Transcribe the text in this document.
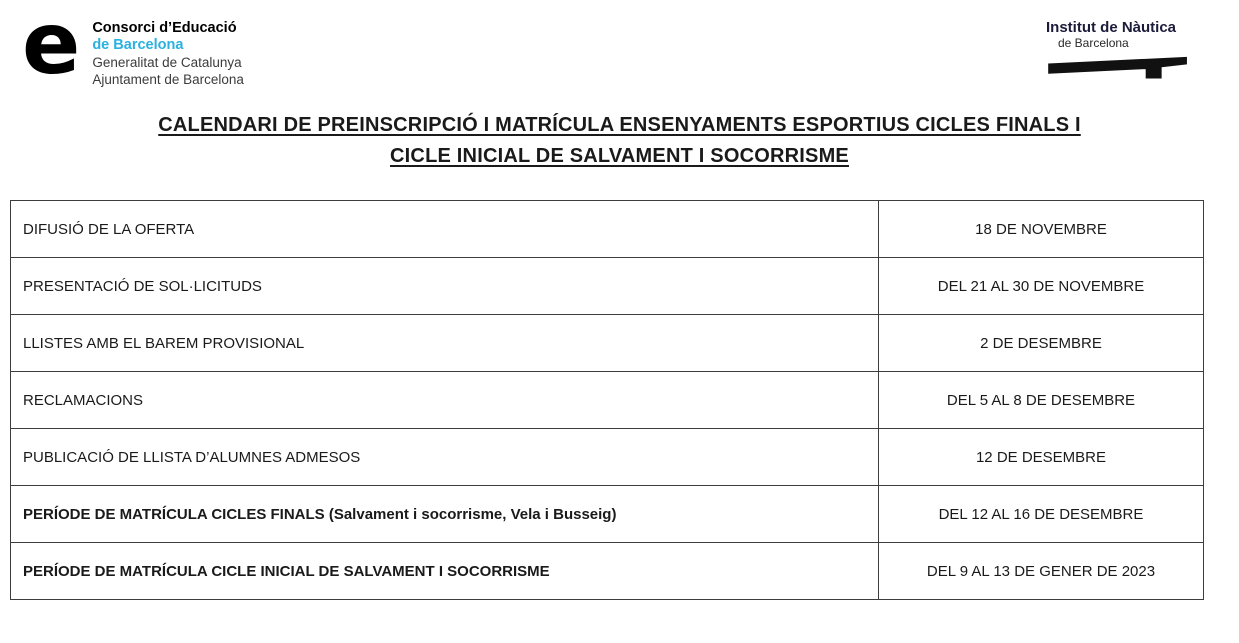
e Consorci d’Educació
de Barcelona
Generalitat de Catalunya
Ajuntament de Barcelona
Institut de Nàutica
de Barcelona
CALENDARI DE PREINSCRIPCIÓ I MATRÍCULA ENSENYAMENTS ESPORTIUS CICLES FINALS I
CICLE INICIAL DE SALVAMENT I SOCORRISME
DIFUSIÓ DE LA OFERTA	18 DE NOVEMBRE
PRESENTACIÓ DE SOL·LICITUDS	DEL 21 AL 30 DE NOVEMBRE
LLISTES AMB EL BAREM PROVISIONAL	2 DE DESEMBRE
RECLAMACIONS	DEL 5 AL 8 DE DESEMBRE
PUBLICACIÓ DE LLISTA D’ALUMNES ADMESOS	12 DE DESEMBRE
PERÍODE DE MATRÍCULA CICLES FINALS (Salvament i socorrisme, Vela i Busseig)	DEL 12 AL 16 DE DESEMBRE
PERÍODE DE MATRÍCULA CICLE INICIAL DE SALVAMENT I SOCORRISME	DEL 9 AL 13 DE GENER DE 2023
